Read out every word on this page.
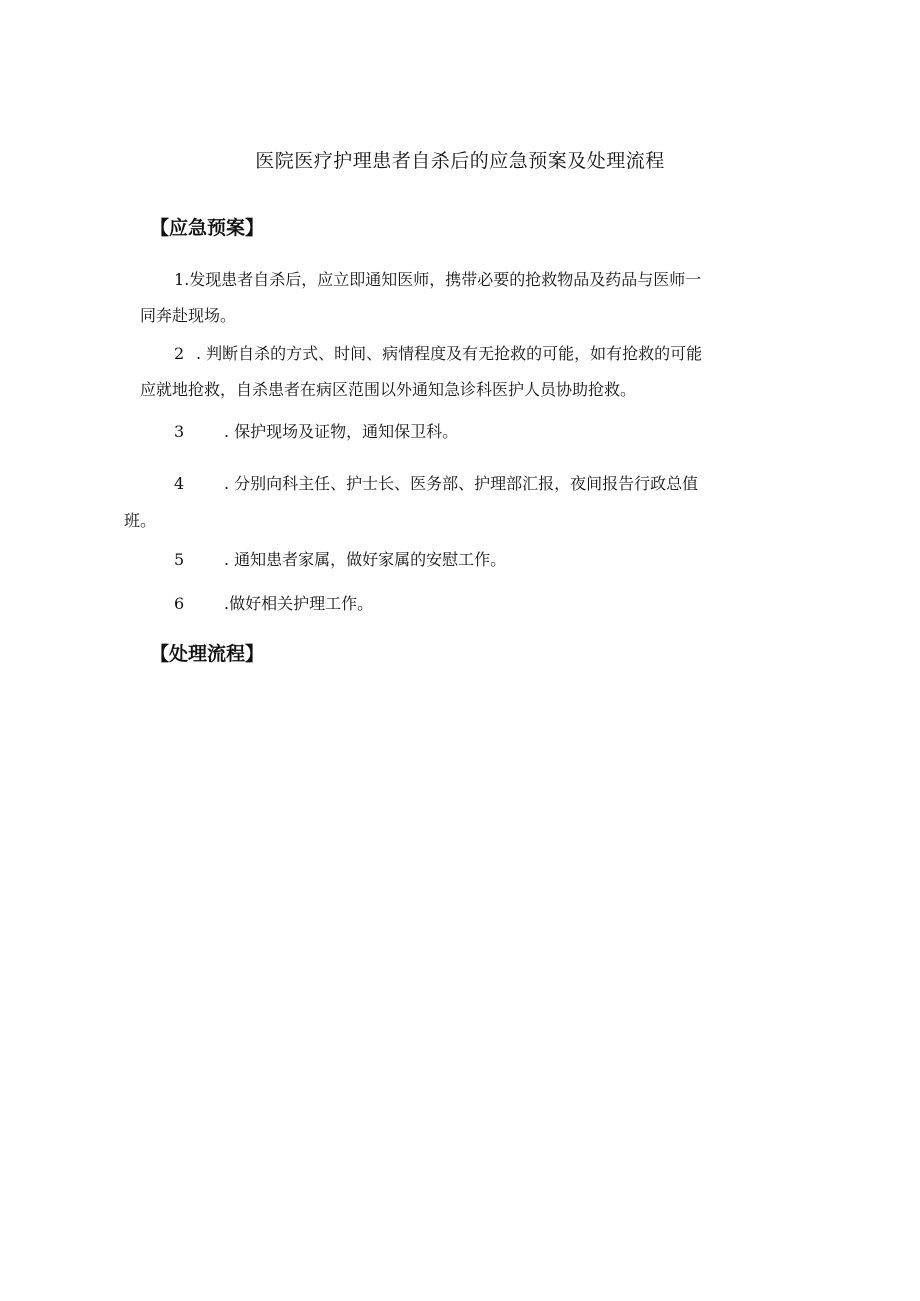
医院医疗护理患者自杀后的应急预案及处理流程
【应急预案】
1.发现患者自杀后，应立即通知医师，携带必要的抢救物品及药品与医师一
同奔赴现场。
2 . 判断自杀的方式、时间、病情程度及有无抢救的可能，如有抢救的可能
应就地抢救，自杀患者在病区范围以外通知急诊科医护人员协助抢救。
3 . 保护现场及证物，通知保卫科。
4 . 分别向科主任、护士长、医务部、护理部汇报，夜间报告行政总值
班。
5 . 通知患者家属，做好家属的安慰工作。
6 .做好相关护理工作。
【处理流程】
